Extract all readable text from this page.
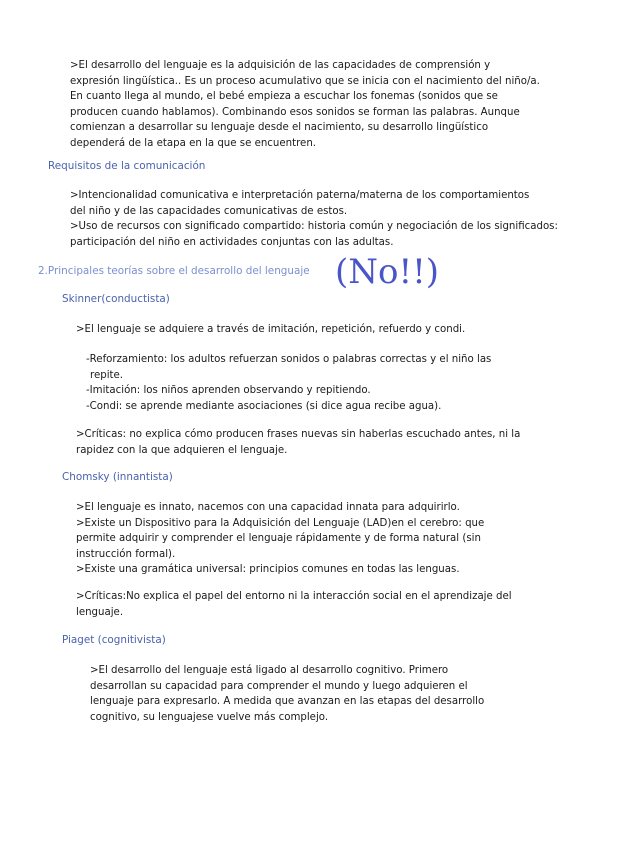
>El desarrollo del lenguaje es la adquisición de las capacidades de comprensión y

expresión lingüística.. Es un proceso acumulativo que se inicia con el nacimiento del niño/a.

En cuanto llega al mundo, el bebé empieza a escuchar los fonemas (sonidos que se

producen cuando hablamos). Combinando esos sonidos se forman las palabras. Aunque

comienzan a desarrollar su lenguaje desde el nacimiento, su desarrollo lingüístico

dependerá de la etapa en la que se encuentren.

Requisitos de la comunicación

>Intencionalidad comunicativa e interpretación paterna/materna de los comportamientos

del niño y de las capacidades comunicativas de estos.

>Uso de recursos con significado compartido: historia común y negociación de los significados:

participación del niño en actividades conjuntas con las adultas.

2.Principales teorías sobre el desarrollo del lenguaje (No!!)
Skinner(conductista)

>El lenguaje se adquiere a través de imitación, repetición, refuerdo y condi.

-Reforzamiento: los adultos refuerzan sonidos o palabras correctas y el niño las

repite.

-Imitación: los niños aprenden observando y repitiendo.

-Condi: se aprende mediante asociaciones (si dice agua recibe agua).

>Críticas: no explica cómo producen frases nuevas sin haberlas escuchado antes, ni la

rapidez con la que adquieren el lenguaje.

Chomsky (innantista)

>El lenguaje es innato, nacemos con una capacidad innata para adquirirlo.

>Existe un Dispositivo para la Adquisición del Lenguaje (LAD)en el cerebro: que

permite adquirir y comprender el lenguaje rápidamente y de forma natural (sin

instrucción formal).

>Existe una gramática universal: principios comunes en todas las lenguas.

>Críticas:No explica el papel del entorno ni la interacción social en el aprendizaje del

lenguaje.

Piaget (cognitivista)

>El desarrollo del lenguaje está ligado al desarrollo cognitivo. Primero

desarrollan su capacidad para comprender el mundo y luego adquieren el

lenguaje para expresarlo. A medida que avanzan en las etapas del desarrollo

cognitivo, su lenguajese vuelve más complejo.
